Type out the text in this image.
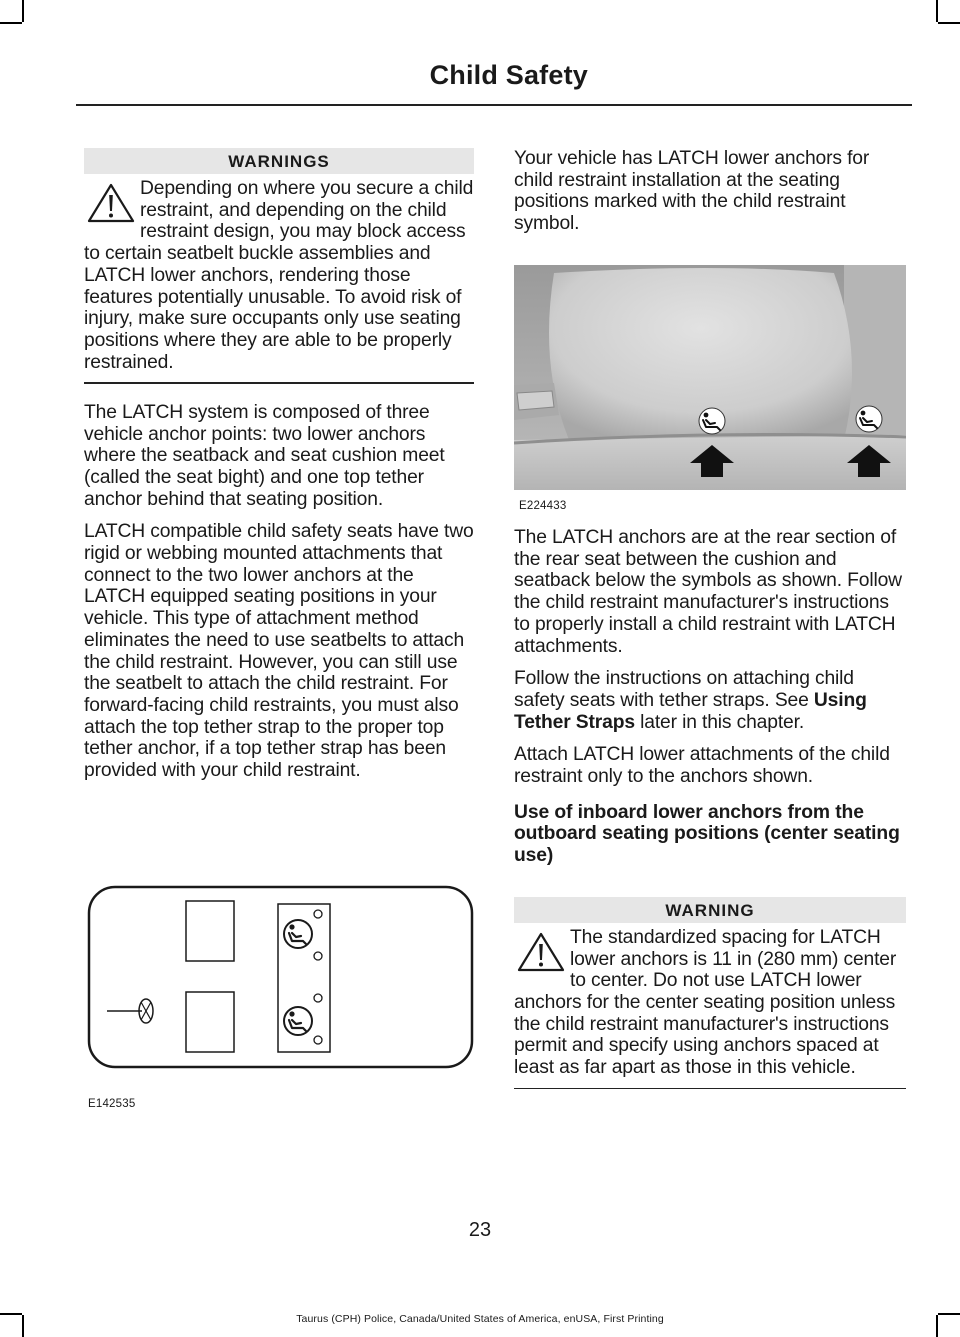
Child Safety
WARNINGS
Depending on where you secure a child restraint, and depending on the child restraint design, you may block access to certain seatbelt buckle assemblies and LATCH lower anchors, rendering those features potentially unusable. To avoid risk of injury, make sure occupants only use seating positions where they are able to be properly restrained.

The LATCH system is composed of three vehicle anchor points: two lower anchors where the seatback and seat cushion meet (called the seat bight) and one top tether anchor behind that seating position.

LATCH compatible child safety seats have two rigid or webbing mounted attachments that connect to the two lower anchors at the LATCH equipped seating positions in your vehicle. This type of attachment method eliminates the need to use seatbelts to attach the child restraint. However, you can still use the seatbelt to attach the child restraint. For forward-facing child restraints, you must also attach the top tether strap to the proper top tether anchor, if a top tether strap has been provided with your child restraint.

E142535

Your vehicle has LATCH lower anchors for child restraint installation at the seating positions marked with the child restraint symbol.

E224433

The LATCH anchors are at the rear section of the rear seat between the cushion and seatback below the symbols as shown. Follow the child restraint manufacturer's instructions to properly install a child restraint with LATCH attachments.

Follow the instructions on attaching child safety seats with tether straps. See Using Tether Straps later in this chapter.

Attach LATCH lower attachments of the child restraint only to the anchors shown.

Use of inboard lower anchors from the outboard seating positions (center seating use)
WARNING
The standardized spacing for LATCH lower anchors is 11 in (280 mm) center to center. Do not use LATCH lower anchors for the center seating position unless the child restraint manufacturer's instructions permit and specify using anchors spaced at least as far apart as those in this vehicle.
23
Taurus (CPH) Police, Canada/United States of America, enUSA, First Printing
